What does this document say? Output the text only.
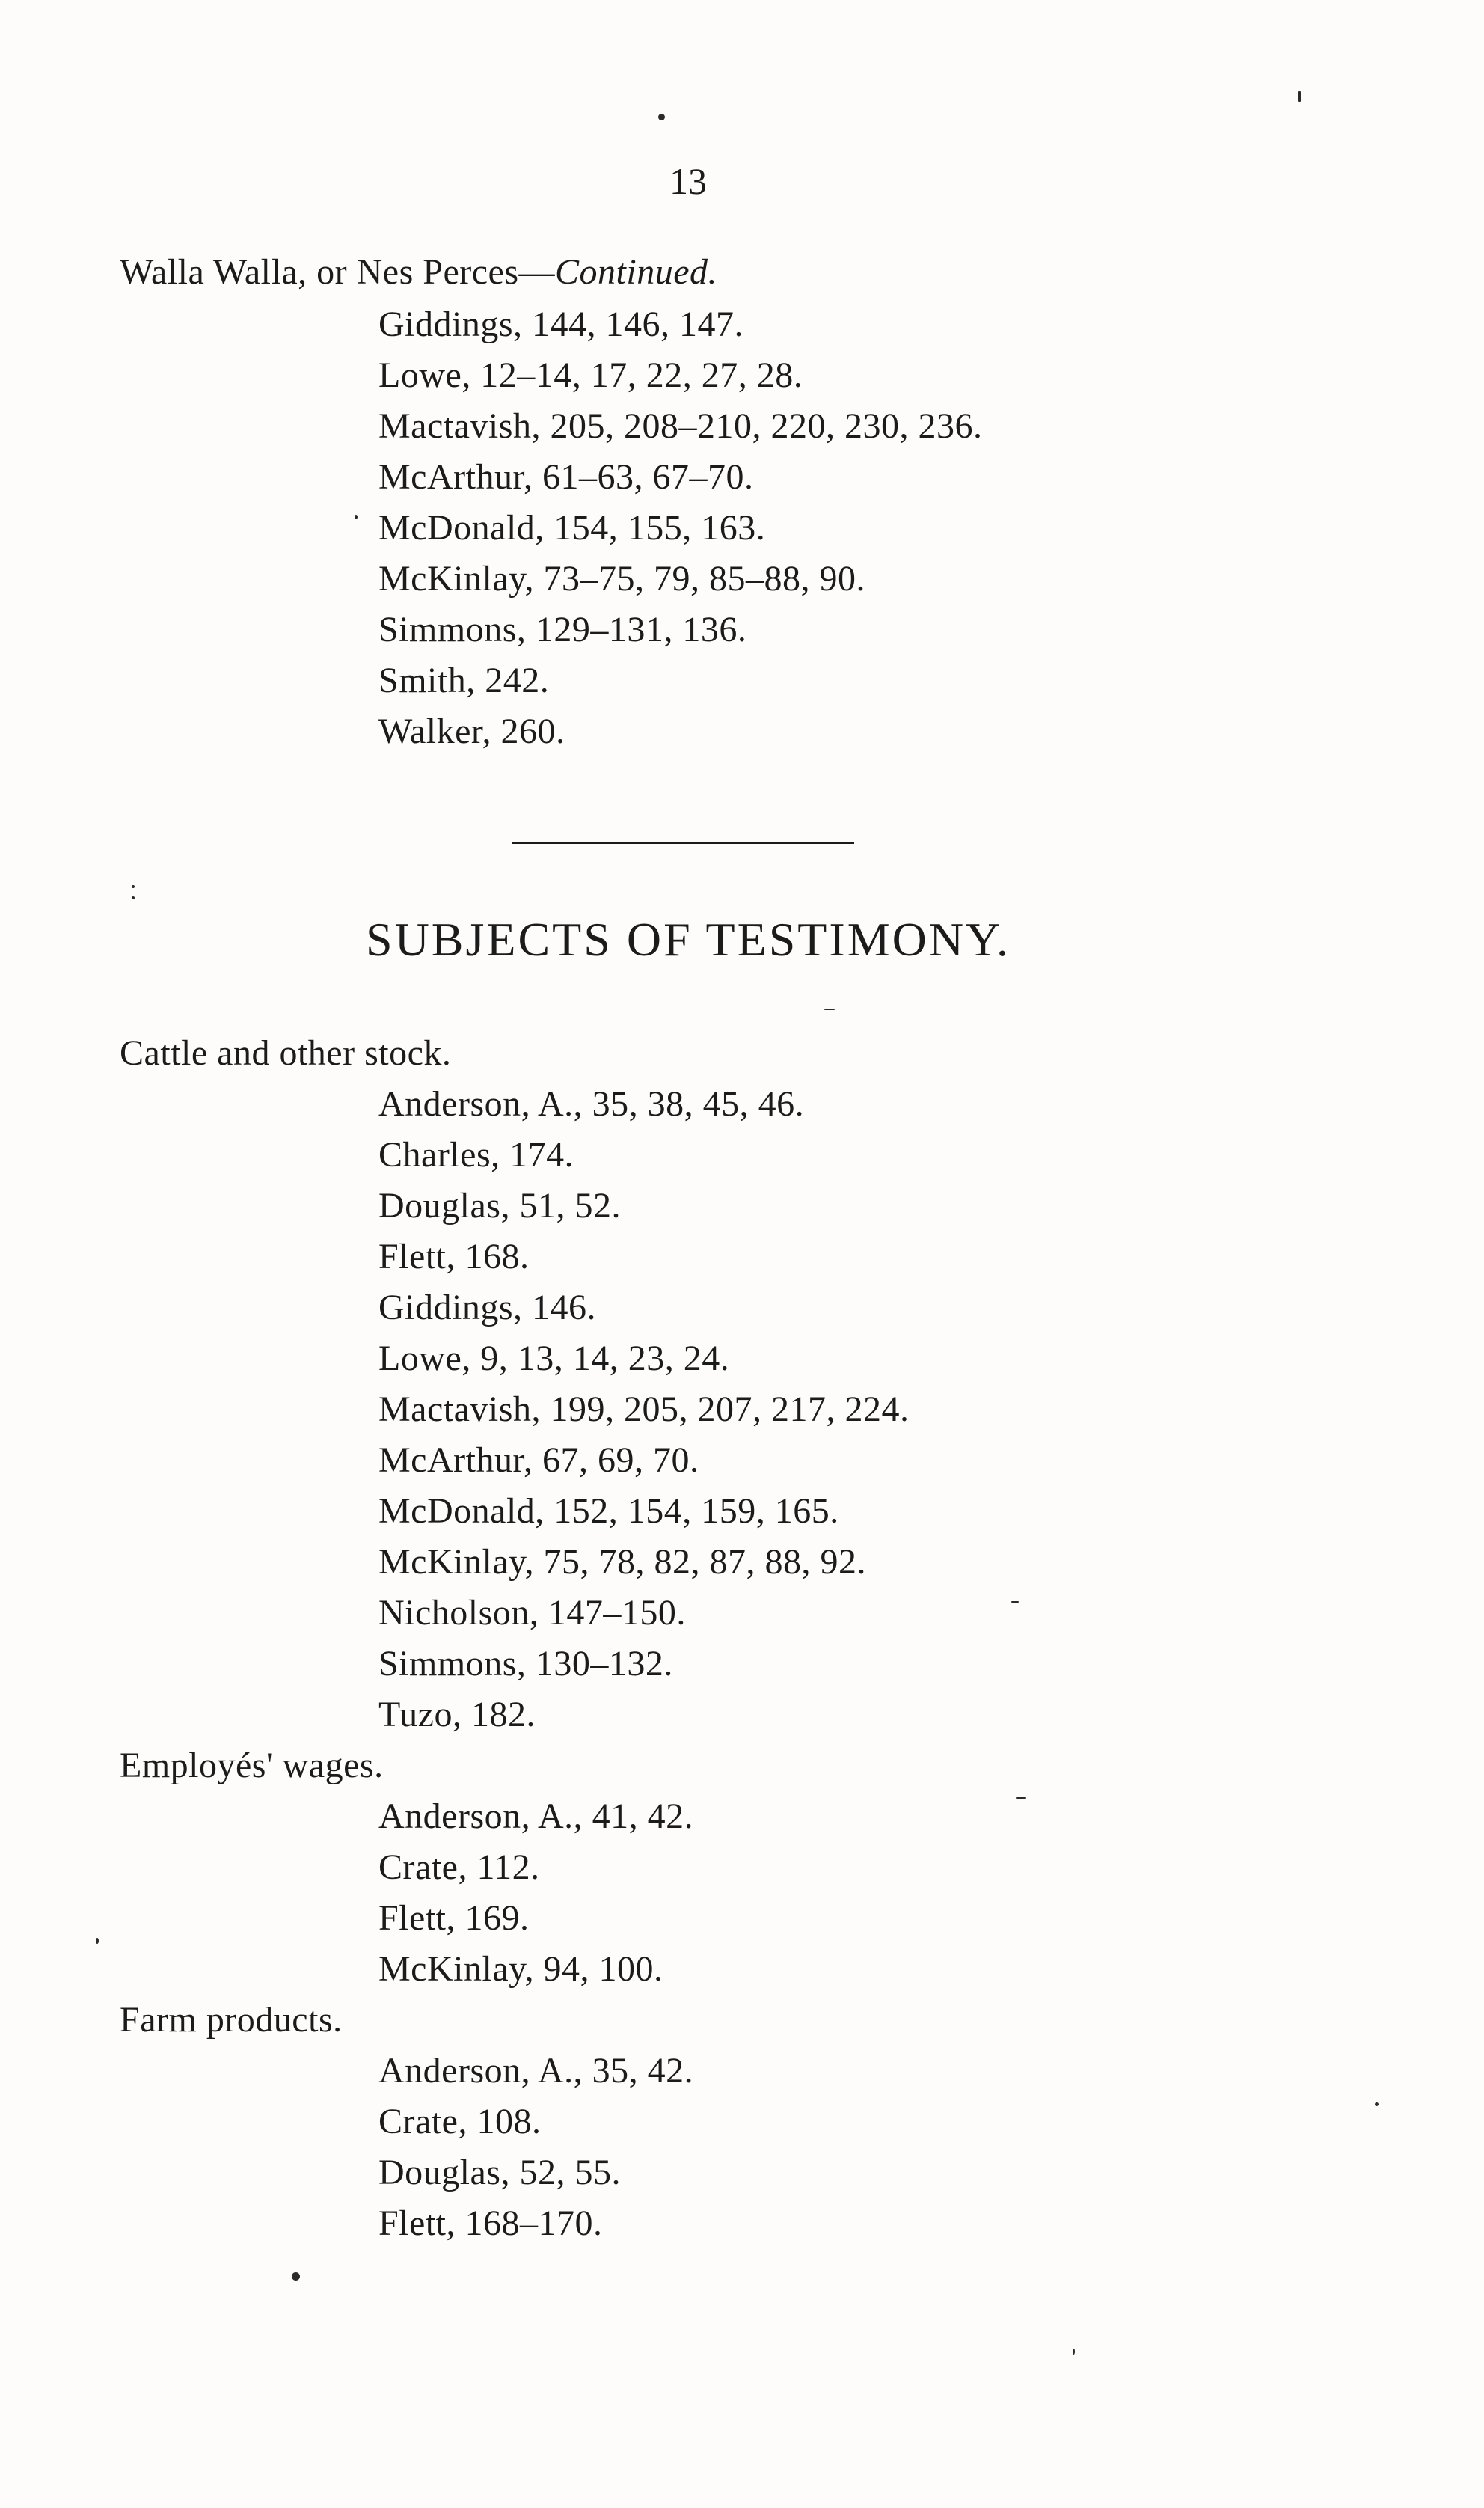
13
Walla Walla, or Nes Perces—Continued.
Giddings, 144, 146, 147.
Lowe, 12–14, 17, 22, 27, 28.
Mactavish, 205, 208–210, 220, 230, 236.
McArthur, 61–63, 67–70.
McDonald, 154, 155, 163.
McKinlay, 73–75, 79, 85–88, 90.
Simmons, 129–131, 136.
Smith, 242.
Walker, 260.
SUBJECTS OF TESTIMONY.
Cattle and other stock.
Anderson, A., 35, 38, 45, 46.
Charles, 174.
Douglas, 51, 52.
Flett, 168.
Giddings, 146.
Lowe, 9, 13, 14, 23, 24.
Mactavish, 199, 205, 207, 217, 224.
McArthur, 67, 69, 70.
McDonald, 152, 154, 159, 165.
McKinlay, 75, 78, 82, 87, 88, 92.
Nicholson, 147–150.
Simmons, 130–132.
Tuzo, 182.
Employés' wages.
Anderson, A., 41, 42.
Crate, 112.
Flett, 169.
McKinlay, 94, 100.
Farm products.
Anderson, A., 35, 42.
Crate, 108.
Douglas, 52, 55.
Flett, 168–170.
